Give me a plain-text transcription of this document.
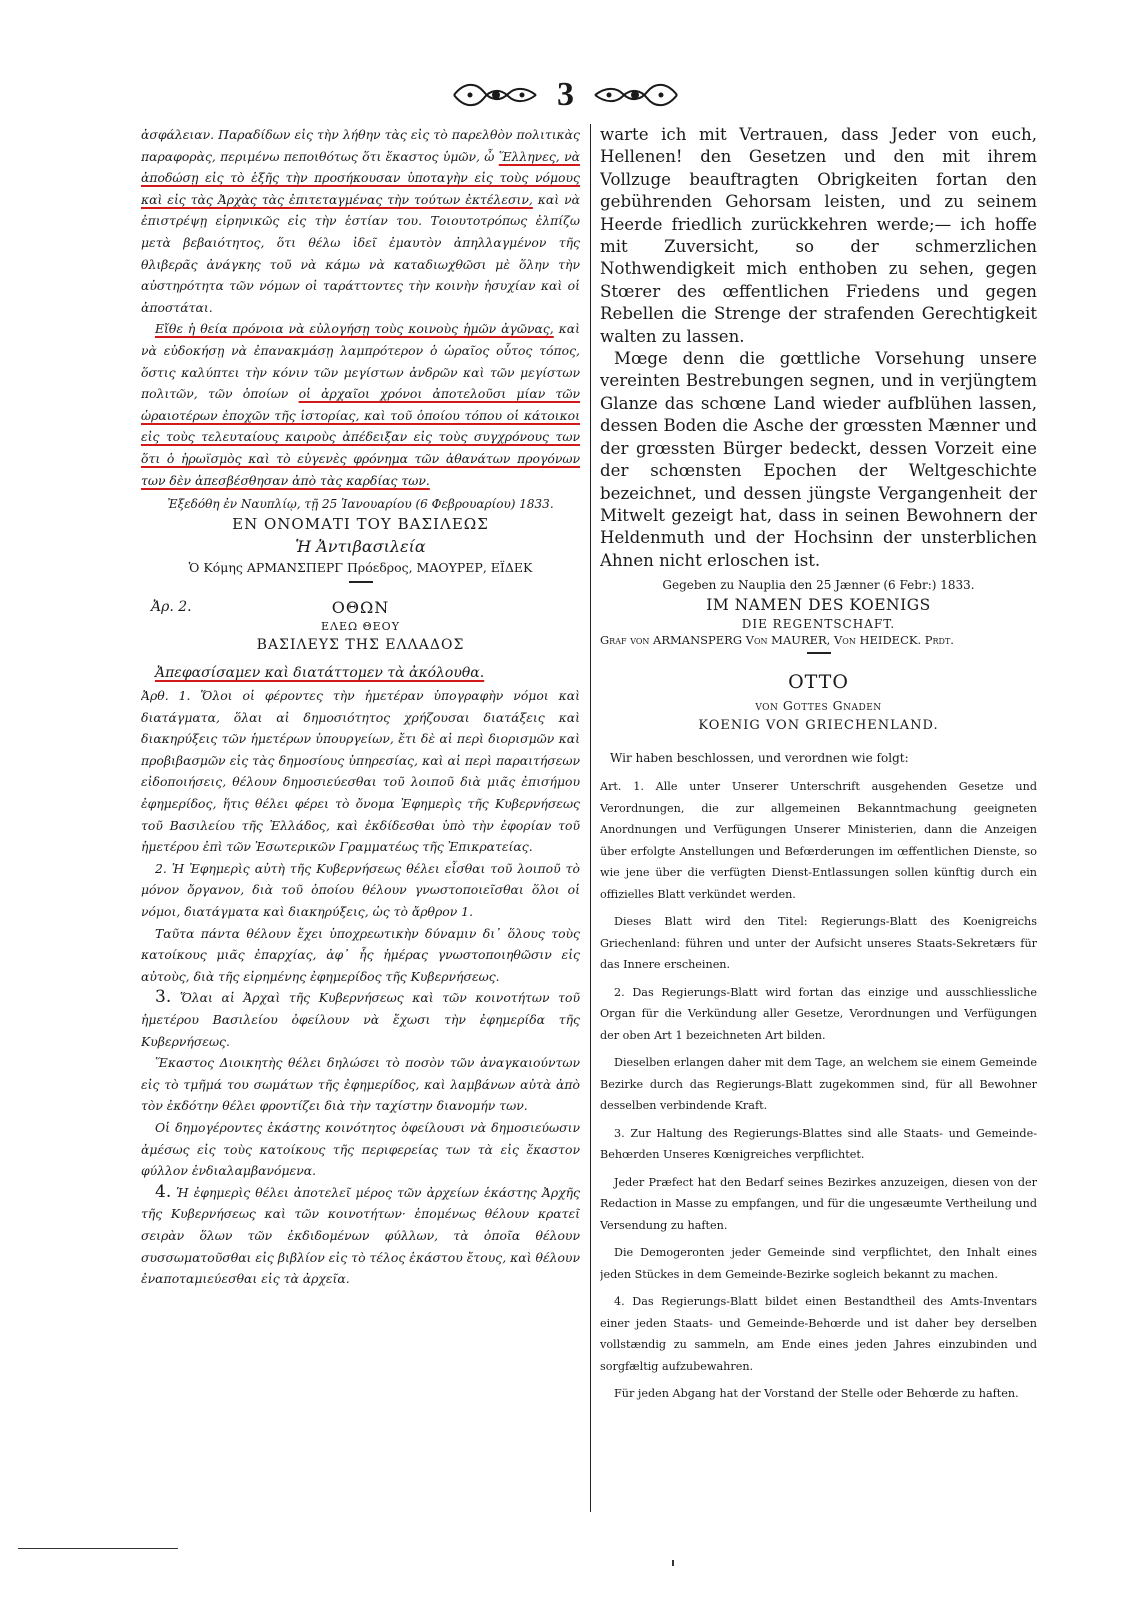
3

ἀσφάλειαν. Παραδίδων εἰς τὴν λήθην τὰς εἰς τὸ παρελθὸν πολιτικὰς παραφορὰς, περιμένω πεποιθότως ὅτι ἕκαστος ὑμῶν, ὦ Ἕλληνες, νὰ ἀποδώσῃ εἰς τὸ ἑξῆς τὴν προσήκουσαν ὑποταγὴν εἰς τοὺς νόμους καὶ εἰς τὰς Ἀρχὰς τὰς ἐπιτεταγμένας τὴν τούτων ἐκτέλεσιν, καὶ νὰ ἐπιστρέψῃ εἰρηνικῶς εἰς τὴν ἑστίαν του. Τοιουτοτρόπως ἐλπίζω μετὰ βεβαιότητος, ὅτι θέλω ἰδεῖ ἐμαυτὸν ἀπηλλαγμένον τῆς θλιβερᾶς ἀνάγκης τοῦ νὰ κάμω νὰ καταδιωχθῶσι μὲ ὅλην τὴν αὐστηρότητα τῶν νόμων οἱ ταράττοντες τὴν κοινὴν ἡσυχίαν καὶ οἱ ἀποστάται.

Εἴθε ἡ θεία πρόνοια νὰ εὐλογήσῃ τοὺς κοινοὺς ἡμῶν ἀγῶνας, καὶ νὰ εὐδοκήσῃ νὰ ἐπανακμάσῃ λαμπρότερον ὁ ὡραῖος οὗτος τόπος, ὅστις καλύπτει τὴν κόνιν τῶν μεγίστων ἀνδρῶν καὶ τῶν μεγίστων πολιτῶν, τῶν ὁποίων οἱ ἀρχαῖοι χρόνοι ἀποτελοῦσι μίαν τῶν ὡραιοτέρων ἐποχῶν τῆς ἱστορίας, καὶ τοῦ ὁποίου τόπου οἱ κάτοικοι εἰς τοὺς τελευταίους καιροὺς ἀπέδειξαν εἰς τοὺς συγχρόνους των ὅτι ὁ ἡρωϊσμὸς καὶ τὸ εὐγενὲς φρόνημα τῶν ἀθανάτων προγόνων των δὲν ἀπεσβέσθησαν ἀπὸ τὰς καρδίας των.

Ἐξεδόθη ἐν Ναυπλίῳ, τῇ 25 Ἰανουαρίου (6 Φεβρουαρίου) 1833.

ΕΝ ΟΝΟΜΑΤΙ ΤΟΥ ΒΑΣΙΛΕΩΣ

Ἡ Ἀντιβασιλεία

Ὁ Κόμης ΑΡΜΑΝΣΠΕΡΓ Πρόεδρος, ΜΑΟΥΡΕΡ, ΕΪΔΕΚ

Ἀρ. 2.	ΟΘΩΝ
ΕΛΕΩ ΘΕΟΥ
ΒΑΣΙΛΕΥΣ ΤΗΣ ΕΛΛΑΔΟΣ

Ἀπεφασίσαμεν καὶ διατάττομεν τὰ ἀκόλουθα.

Ἀρθ. 1. Ὅλοι οἱ φέροντες τὴν ἡμετέραν ὑπογραφὴν νόμοι καὶ διατάγματα, ὅλαι αἱ δημοσιότητος χρήζουσαι διατάξεις καὶ διακηρύξεις τῶν ἡμετέρων ὑπουργείων, ἔτι δὲ αἱ περὶ διορισμῶν καὶ προβιβασμῶν εἰς τὰς δημοσίους ὑπηρεσίας, καὶ αἱ περὶ παραιτήσεων εἰδοποιήσεις, θέλουν δημοσιεύεσθαι τοῦ λοιποῦ διὰ μιᾶς ἐπισήμου ἐφημερίδος, ἥτις θέλει φέρει τὸ ὄνομα Ἐφημερὶς τῆς Κυβερνήσεως τοῦ Βασιλείου τῆς Ἑλλάδος, καὶ ἐκδίδεσθαι ὑπὸ τὴν ἐφορίαν τοῦ ἡμετέρου ἐπὶ τῶν Ἐσωτερικῶν Γραμματέως τῆς Ἐπικρατείας.

2. Ἡ Ἐφημερὶς αὐτὴ τῆς Κυβερνήσεως θέλει εἶσθαι τοῦ λοιποῦ τὸ μόνον ὄργανον, διὰ τοῦ ὁποίου θέλουν γνωστοποιεῖσθαι ὅλοι οἱ νόμοι, διατάγματα καὶ διακηρύξεις, ὡς τὸ ἄρθρον 1.

Ταῦτα πάντα θέλουν ἔχει ὑποχρεωτικὴν δύναμιν δι᾽ ὅλους τοὺς κατοίκους μιᾶς ἐπαρχίας, ἀφ᾽ ἧς ἡμέρας γνωστοποιηθῶσιν εἰς αὐτοὺς, διὰ τῆς εἰρημένης ἐφημερίδος τῆς Κυβερνήσεως.

3. Ὅλαι αἱ Ἀρχαὶ τῆς Κυβερνήσεως καὶ τῶν κοινοτήτων τοῦ ἡμετέρου Βασιλείου ὀφείλουν νὰ ἔχωσι τὴν ἐφημερίδα τῆς Κυβερνήσεως.

Ἕκαστος Διοικητὴς θέλει δηλώσει τὸ ποσὸν τῶν ἀναγκαιούντων εἰς τὸ τμῆμά του σωμάτων τῆς ἐφημερίδος, καὶ λαμβάνων αὐτὰ ἀπὸ τὸν ἐκδότην θέλει φροντίζει διὰ τὴν ταχίστην διανομήν των.

Οἱ δημογέροντες ἑκάστης κοινότητος ὀφείλουσι νὰ δημοσιεύωσιν ἀμέσως εἰς τοὺς κατοίκους τῆς περιφερείας των τὰ εἰς ἕκαστον φύλλον ἐνδιαλαμβανόμενα.

4. Ἡ ἐφημερὶς θέλει ἀποτελεῖ μέρος τῶν ἀρχείων ἑκάστης Ἀρχῆς τῆς Κυβερνήσεως καὶ τῶν κοινοτήτων· ἑπομένως θέλουν κρατεῖ σειρὰν ὅλων τῶν ἐκδιδομένων φύλλων, τὰ ὁποῖα θέλουν συσσωματοῦσθαι εἰς βιβλίον εἰς τὸ τέλος ἑκάστου ἔτους, καὶ θέλουν ἐναποταμιεύεσθαι εἰς τὰ ἀρχεῖα.

warte ich mit Vertrauen, dass Jeder von euch, Hellenen! den Gesetzen und den mit ihrem Vollzuge beauftragten Obrigkeiten fortan den gebührenden Gehorsam leisten, und zu seinem Heerde friedlich zurückkehren werde;— ich hoffe mit Zuversicht, so der schmerzlichen Nothwendigkeit mich enthoben zu sehen, gegen Stœrer des œffentlichen Friedens und gegen Rebellen die Strenge der strafenden Gerechtigkeit walten zu lassen.

Mœge denn die gœttliche Vorsehung unsere vereinten Bestrebungen segnen, und in verjüngtem Glanze das schœne Land wieder aufblühen lassen, dessen Boden die Asche der grœssten Mænner und der grœssten Bürger bedeckt, dessen Vorzeit eine der schœnsten Epochen der Weltgeschichte bezeichnet, und dessen jüngste Vergangenheit der Mitwelt gezeigt hat, dass in seinen Bewohnern der Heldenmuth und der Hochsinn der unsterblichen Ahnen nicht erloschen ist.

Gegeben zu Nauplia den 25 Jænner (6 Febr:) 1833.

IM NAMEN DES KOENIGS

DIE REGENTSCHAFT.

Graf von ARMANSPERG Von MAURER, Von HEIDECK. Prdt.

OTTO
von Gottes Gnaden
KOENIG VON GRIECHENLAND.

Wir haben beschlossen, und verordnen wie folgt:

Art. 1. Alle unter Unserer Unterschrift ausgehenden Gesetze und Verordnungen, die zur allgemeinen Bekanntmachung geeigneten Anordnungen und Verfügungen Unserer Ministerien, dann die Anzeigen über erfolgte Anstellungen und Befœrderungen im œffentlichen Dienste, so wie jene über die verfügten Dienst-Entlassungen sollen künftig durch ein offizielles Blatt verkündet werden.

Dieses Blatt wird den Titel: Regierungs-Blatt des Koenigreichs Griechenland: führen und unter der Aufsicht unseres Staats-Sekretærs für das Innere erscheinen.

2. Das Regierungs-Blatt wird fortan das einzige und ausschliessliche Organ für die Verkündung aller Gesetze, Verordnungen und Verfügungen der oben Art 1 bezeichneten Art bilden.

Dieselben erlangen daher mit dem Tage, an welchem sie einem Gemeinde Bezirke durch das Regierungs-Blatt zugekommen sind, für all Bewohner desselben verbindende Kraft.

3. Zur Haltung des Regierungs-Blattes sind alle Staats- und Gemeinde-Behœrden Unseres Kœnigreiches verpflichtet.

Jeder Præfect hat den Bedarf seines Bezirkes anzuzeigen, diesen von der Redaction in Masse zu empfangen, und für die ungesæumte Vertheilung und Versendung zu haften.

Die Demogeronten jeder Gemeinde sind verpflichtet, den Inhalt eines jeden Stückes in dem Gemeinde-Bezirke sogleich bekannt zu machen.

4. Das Regierungs-Blatt bildet einen Bestandtheil des Amts-Inventars einer jeden Staats- und Gemeinde-Behœrde und ist daher bey derselben vollstændig zu sammeln, am Ende eines jeden Jahres einzubinden und sorgfæltig aufzubewahren.

Für jeden Abgang hat der Vorstand der Stelle oder Behœrde zu haften.
